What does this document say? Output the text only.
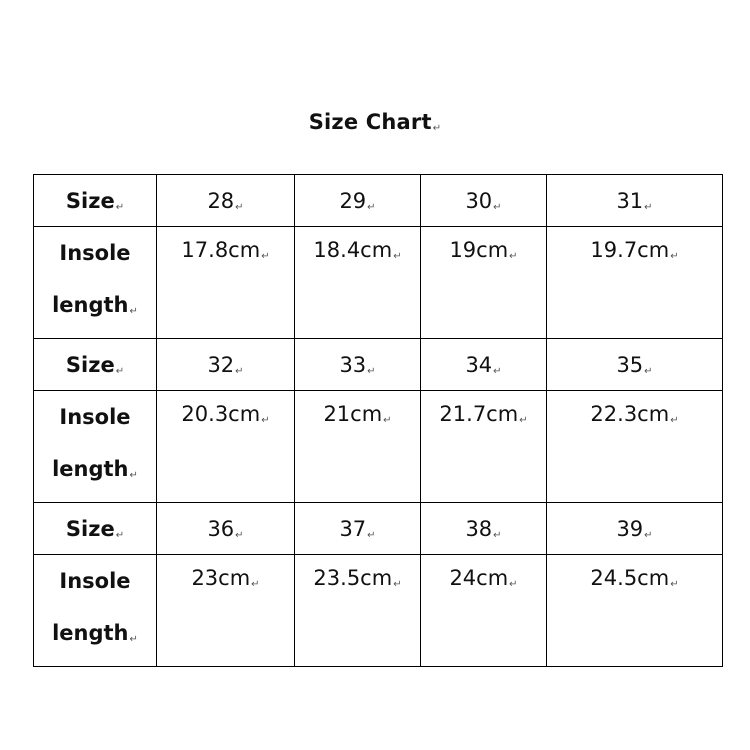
Size Chart↵
Size↵	28↵	29↵	30↵	31↵

Insole
length↵	17.8cm↵	18.4cm↵	19cm↵	19.7cm↵
Size↵	32↵	33↵	34↵	35↵

Insole
length↵	20.3cm↵	21cm↵	21.7cm↵	22.3cm↵
Size↵	36↵	37↵	38↵	39↵

Insole
length↵	23cm↵	23.5cm↵	24cm↵	24.5cm↵
